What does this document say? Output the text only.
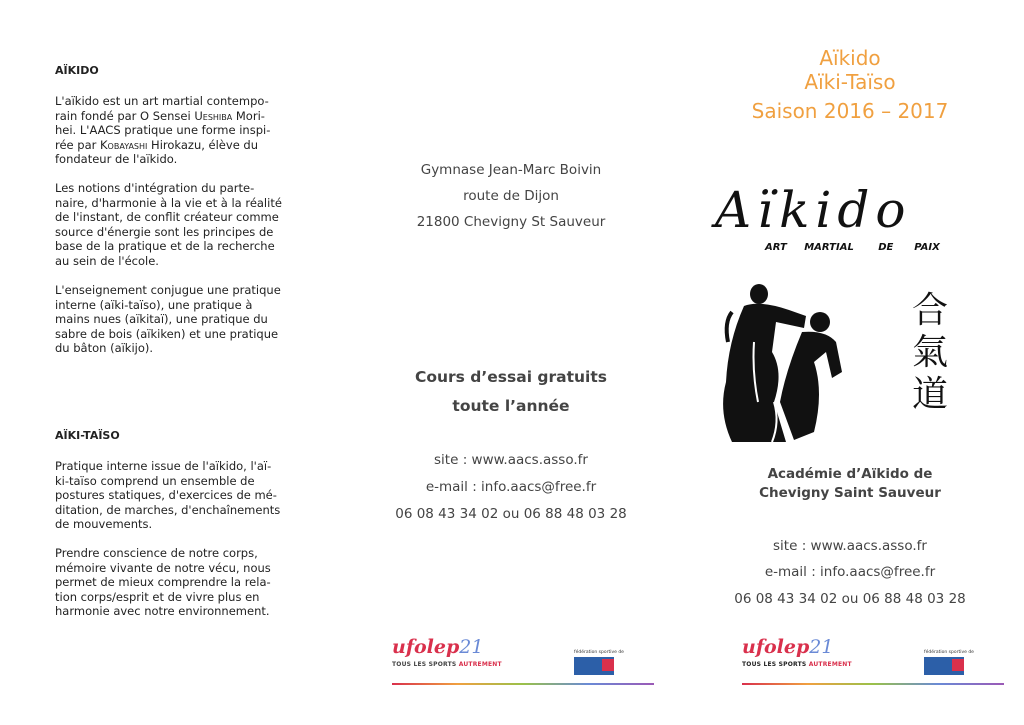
AÏKIDO
L'aïkido est un art martial contempo-
rain fondé par O Sensei Ueshiba Mori-
hei. L'AACS pratique une forme inspi-
rée par Kobayashi Hirokazu, élève du
fondateur de l'aïkido.
Les notions d'intégration du parte-
naire, d'harmonie à la vie et à la réalité
de l'instant, de conflit créateur comme
source d'énergie sont les principes de
base de la pratique et de la recherche
au sein de l'école.
L'enseignement conjugue une pratique
interne (aïki-taïso), une pratique à
mains nues (aïkitaï), une pratique du
sabre de bois (aïkiken) et une pratique
du bâton (aïkijo).
AÏKI-TAÏSO
Pratique interne issue de l'aïkido, l'aï-
ki-taïso comprend un ensemble de
postures statiques, d'exercices de mé-
ditation, de marches, d'enchaînements
de mouvements.
Prendre conscience de notre corps,
mémoire vivante de notre vécu, nous
permet de mieux comprendre la rela-
tion corps/esprit et de vivre plus en
harmonie avec notre environnement.
Gymnase Jean-Marc Boivin
route de Dijon
21800 Chevigny St Sauveur
Cours d’essai gratuits
toute l’année
site : www.aacs.asso.fr
e-mail : info.aacs@free.fr
06 08 43 34 02 ou 06 88 48 03 28
ufolep21
TOUS LES SPORTS AUTREMENT
fédération sportive de
Aïkido
Aïki-Taïso
Saison 2016 – 2017
Aïkido
ART MARTIAL DE PAIX
合
氣
道
Académie d’Aïkido de
Chevigny Saint Sauveur
site : www.aacs.asso.fr
e-mail : info.aacs@free.fr
06 08 43 34 02 ou 06 88 48 03 28
ufolep21
TOUS LES SPORTS AUTREMENT
fédération sportive de
